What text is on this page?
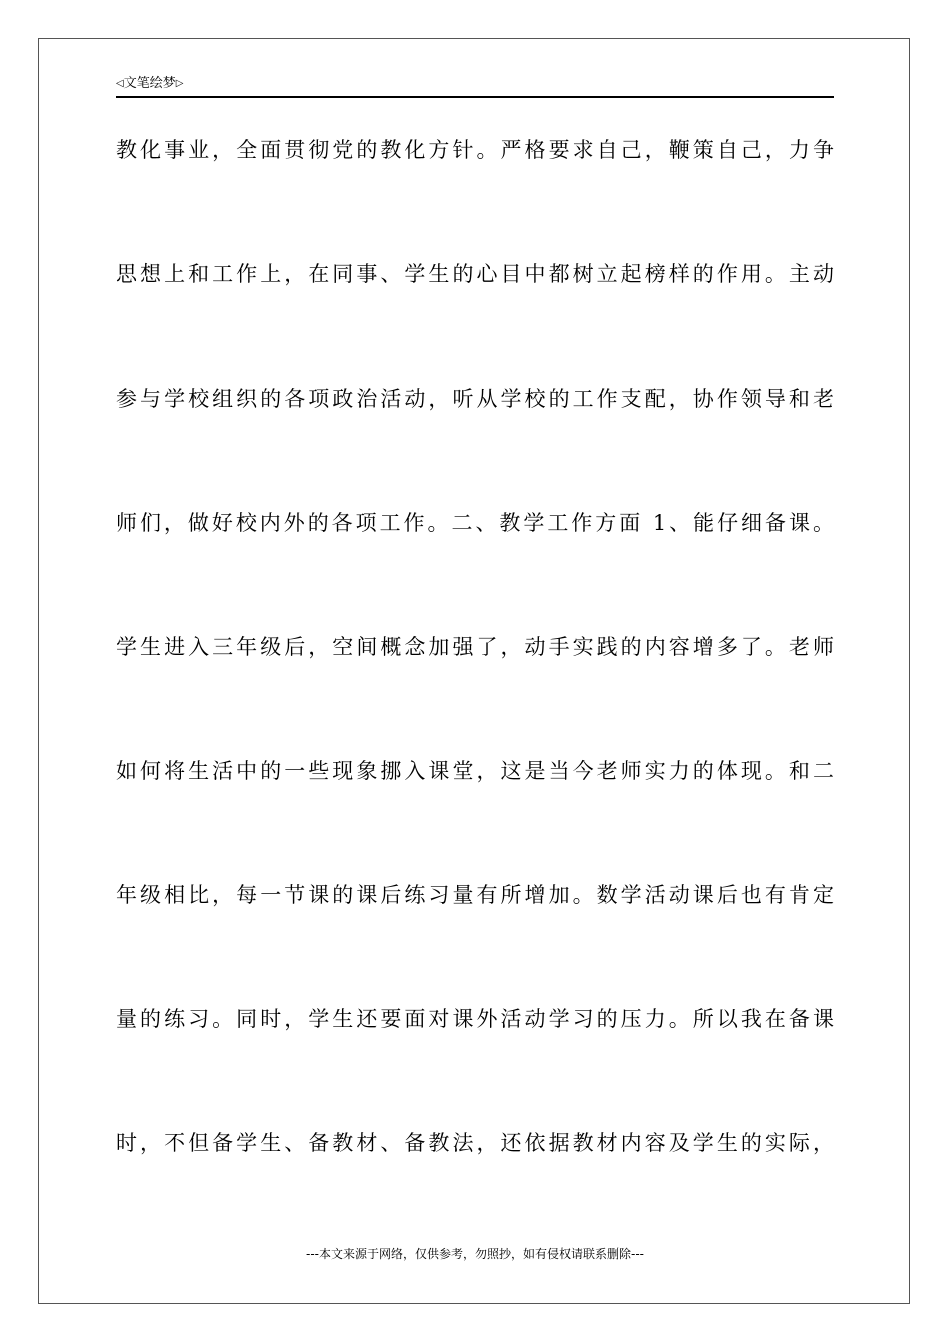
◁文笔绘梦▷
教化事业，全面贯彻党的教化方针。严格要求自己，鞭策自己，力争
思想上和工作上，在同事、学生的心目中都树立起榜样的作用。主动
参与学校组织的各项政治活动，听从学校的工作支配，协作领导和老
师们，做好校内外的各项工作。二、教学工作方面 1、能仔细备课。
学生进入三年级后，空间概念加强了，动手实践的内容增多了。老师
如何将生活中的一些现象挪入课堂，这是当今老师实力的体现。和二
年级相比，每一节课的课后练习量有所增加。数学活动课后也有肯定
量的练习。同时，学生还要面对课外活动学习的压力。所以我在备课
时，不但备学生、备教材、备教法，还依据教材内容及学生的实际，
---本文来源于网络，仅供参考，勿照抄，如有侵权请联系删除---
